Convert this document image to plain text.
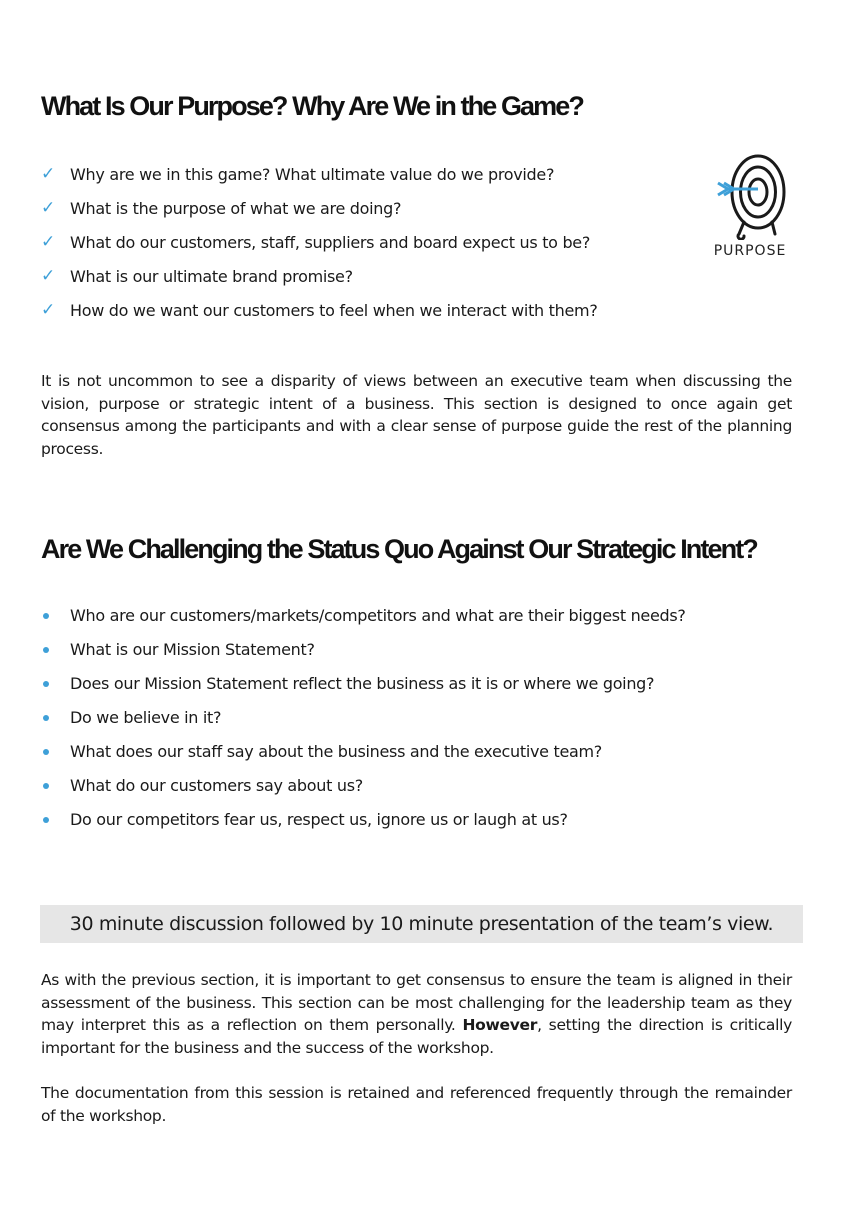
What Is Our Purpose? Why Are We in the Game?
✓ Why are we in this game? What ultimate value do we provide?
✓ What is the purpose of what we are doing?
✓ What do our customers, staff, suppliers and board expect us to be?
✓ What is our ultimate brand promise?
✓ How do we want our customers to feel when we interact with them?
PURPOSE

It is not uncommon to see a disparity of views between an executive team when discussing the vision, purpose or strategic intent of a business. This section is designed to once again get consensus among the participants and with a clear sense of purpose guide the rest of the planning process.

Are We Challenging the Status Quo Against Our Strategic Intent?
Who are our customers/markets/competitors and what are their biggest needs?
What is our Mission Statement?
Does our Mission Statement reflect the business as it is or where we going?
Do we believe in it?
What does our staff say about the business and the executive team?
What do our customers say about us?
Do our competitors fear us, respect us, ignore us or laugh at us?
30 minute discussion followed by 10 minute presentation of the team’s view.

As with the previous section, it is important to get consensus to ensure the team is aligned in their assessment of the business. This section can be most challenging for the leadership team as they may interpret this as a reflection on them personally. However, setting the direction is critically important for the business and the success of the workshop.

The documentation from this session is retained and referenced frequently through the remainder of the workshop.
